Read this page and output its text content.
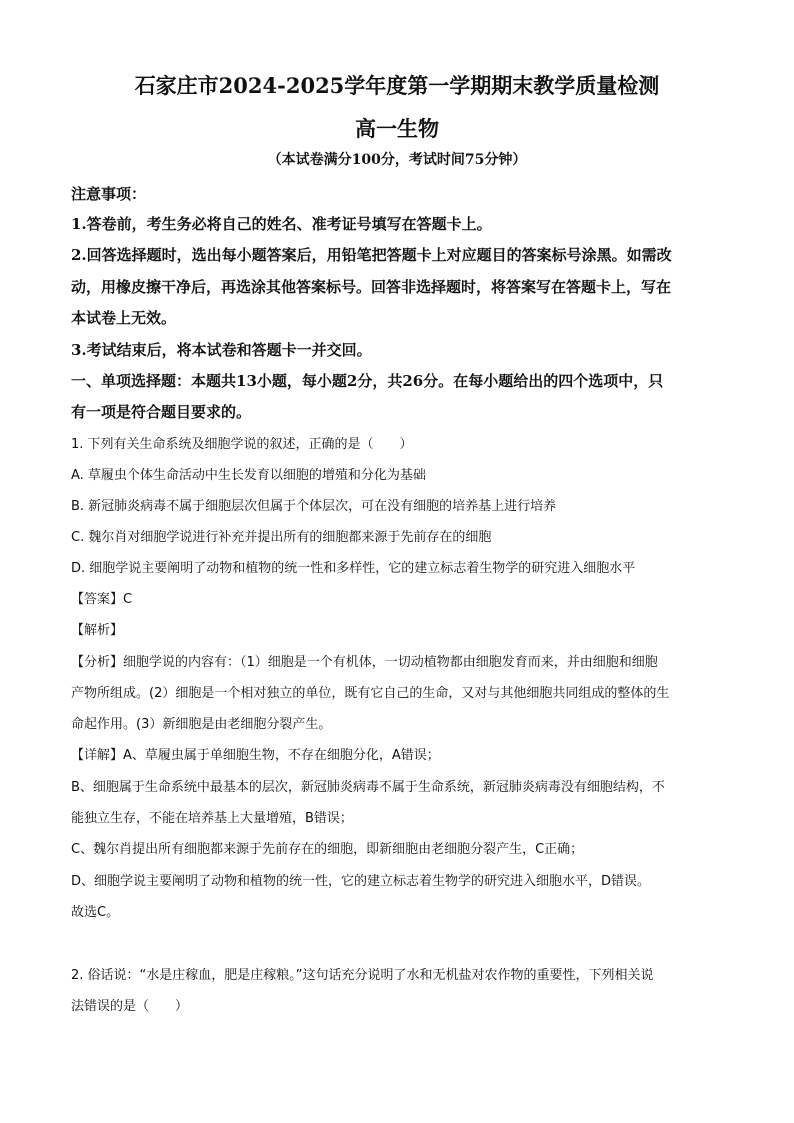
石家庄市2024-2025学年度第一学期期末教学质量检测
高一生物
（本试卷满分100分，考试时间75分钟）
注意事项：
1.答卷前，考生务必将自己的姓名、准考证号填写在答题卡上。
2.回答选择题时，选出每小题答案后，用铅笔把答题卡上对应题目的答案标号涂黑。如需改
动，用橡皮擦干净后，再选涂其他答案标号。回答非选择题时，将答案写在答题卡上，写在
本试卷上无效。
3.考试结束后，将本试卷和答题卡一并交回。
一、单项选择题：本题共13小题，每小题2分，共26分。在每小题给出的四个选项中，只
有一项是符合题目要求的。
1. 下列有关生命系统及细胞学说的叙述，正确的是（　　）
A. 草履虫个体生命活动中生长发育以细胞的增殖和分化为基础
B. 新冠肺炎病毒不属于细胞层次但属于个体层次，可在没有细胞的培养基上进行培养
C. 魏尔肖对细胞学说进行补充并提出所有的细胞都来源于先前存在的细胞
D. 细胞学说主要阐明了动物和植物的统一性和多样性，它的建立标志着生物学的研究进入细胞水平
【答案】C
【解析】
【分析】细胞学说的内容有：（1）细胞是一个有机体，一切动植物都由细胞发育而来，并由细胞和细胞
产物所组成。(2）细胞是一个相对独立的单位，既有它自己的生命，又对与其他细胞共同组成的整体的生
命起作用。(3）新细胞是由老细胞分裂产生。
【详解】A、草履虫属于单细胞生物，不存在细胞分化，A错误；
B、细胞属于生命系统中最基本的层次，新冠肺炎病毒不属于生命系统，新冠肺炎病毒没有细胞结构，不
能独立生存，不能在培养基上大量增殖，B错误；
C、魏尔肖提出所有细胞都来源于先前存在的细胞，即新细胞由老细胞分裂产生，C正确；
D、细胞学说主要阐明了动物和植物的统一性，它的建立标志着生物学的研究进入细胞水平，D错误。
故选C。
2. 俗话说：“水是庄稼血，肥是庄稼粮。”这句话充分说明了水和无机盐对农作物的重要性，下列相关说
法错误的是（　　）
